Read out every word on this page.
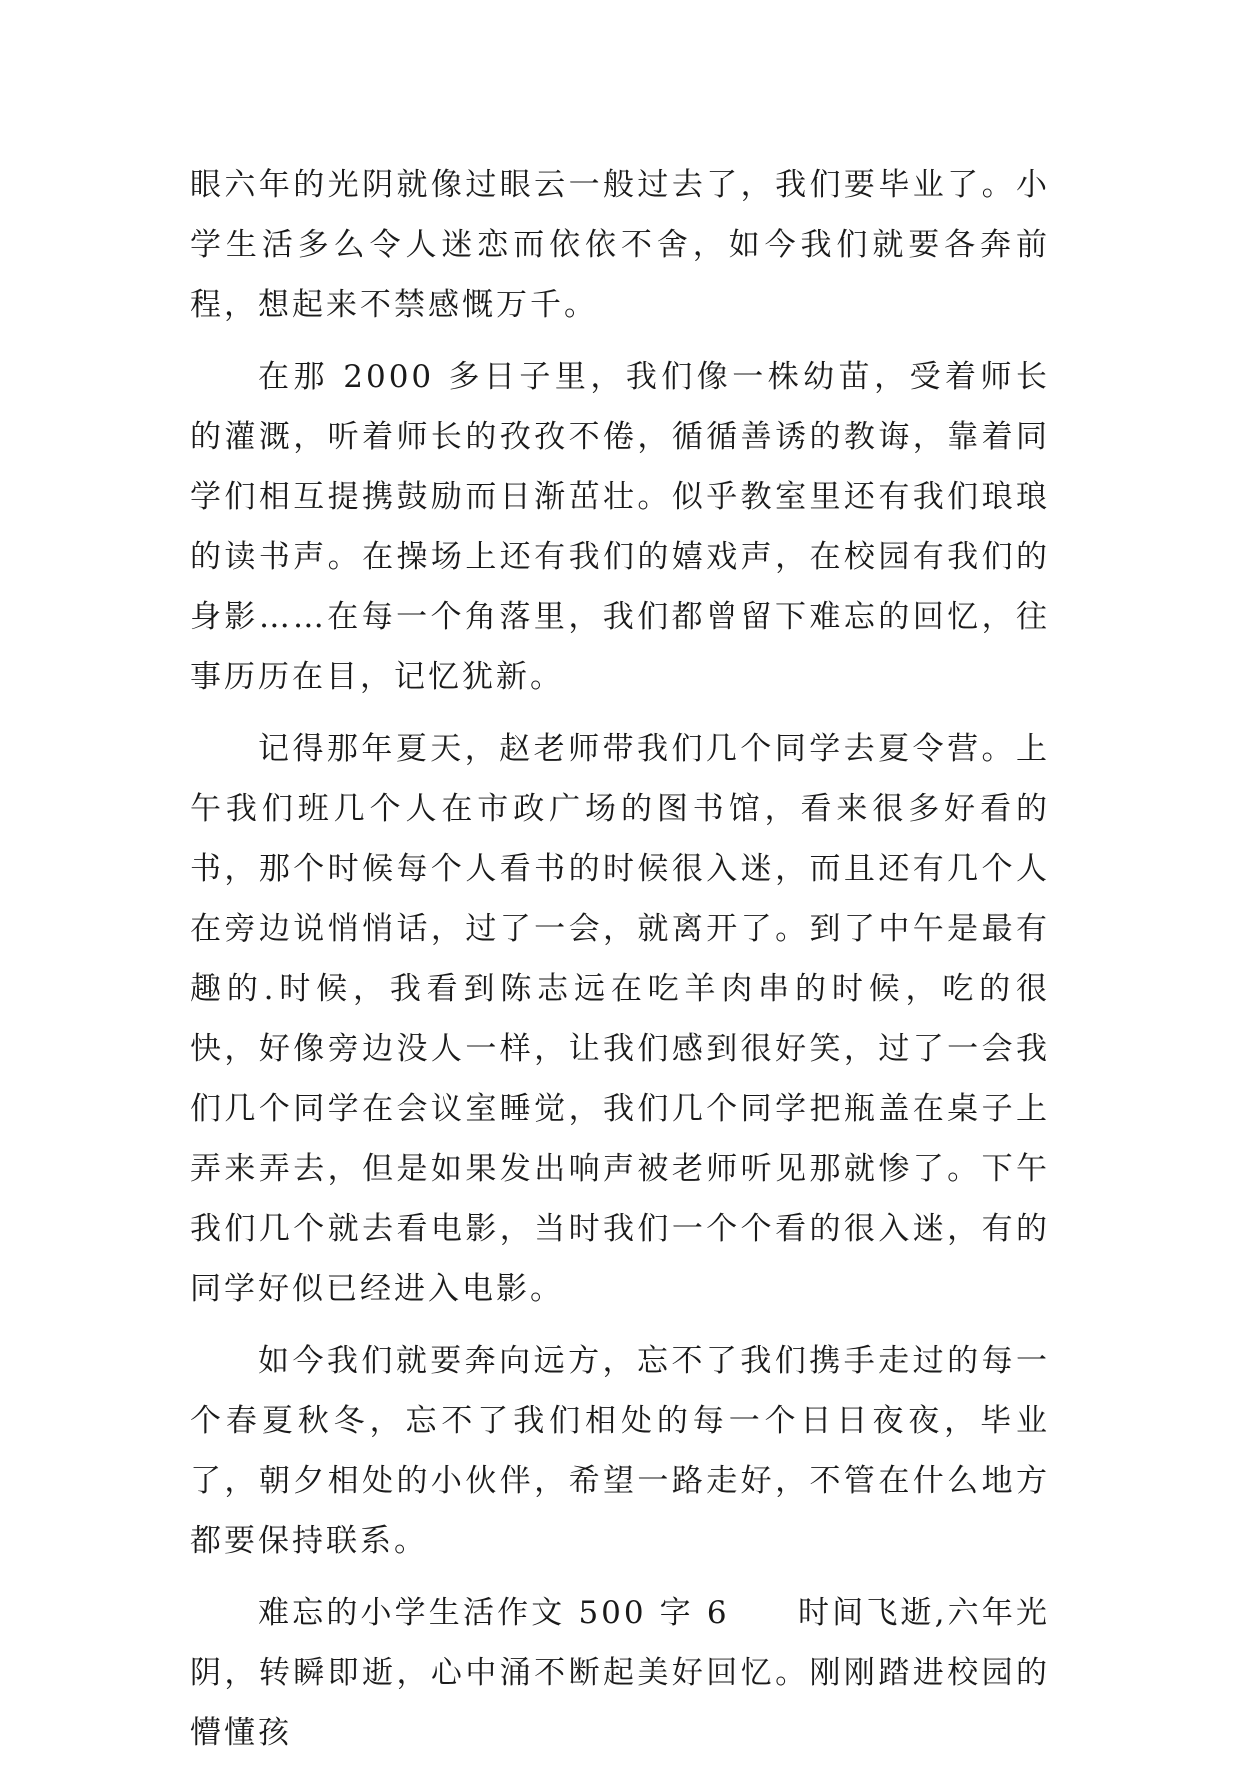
眼六年的光阴就像过眼云一般过去了，我们要毕业了。小学生活多么令人迷恋而依依不舍，如今我们就要各奔前程，想起来不禁感慨万千。

在那 2000 多日子里，我们像一株幼苗，受着师长的灌溉，听着师长的孜孜不倦，循循善诱的教诲，靠着同学们相互提携鼓励而日渐茁壮。似乎教室里还有我们琅琅的读书声。在操场上还有我们的嬉戏声，在校园有我们的身影……在每一个角落里，我们都曾留下难忘的回忆，往事历历在目，记忆犹新。

记得那年夏天，赵老师带我们几个同学去夏令营。上午我们班几个人在市政广场的图书馆，看来很多好看的书，那个时候每个人看书的时候很入迷，而且还有几个人在旁边说悄悄话，过了一会，就离开了。到了中午是最有趣的.时候，我看到陈志远在吃羊肉串的时候，吃的很快，好像旁边没人一样，让我们感到很好笑，过了一会我们几个同学在会议室睡觉，我们几个同学把瓶盖在桌子上弄来弄去，但是如果发出响声被老师听见那就惨了。下午我们几个就去看电影，当时我们一个个看的很入迷，有的同学好似已经进入电影。

如今我们就要奔向远方，忘不了我们携手走过的每一个春夏秋冬，忘不了我们相处的每一个日日夜夜，毕业了，朝夕相处的小伙伴，希望一路走好，不管在什么地方都要保持联系。

难忘的小学生活作文 500 字 6　　时间飞逝,六年光阴，转瞬即逝，心中涌不断起美好回忆。刚刚踏进校园的懵懂孩
